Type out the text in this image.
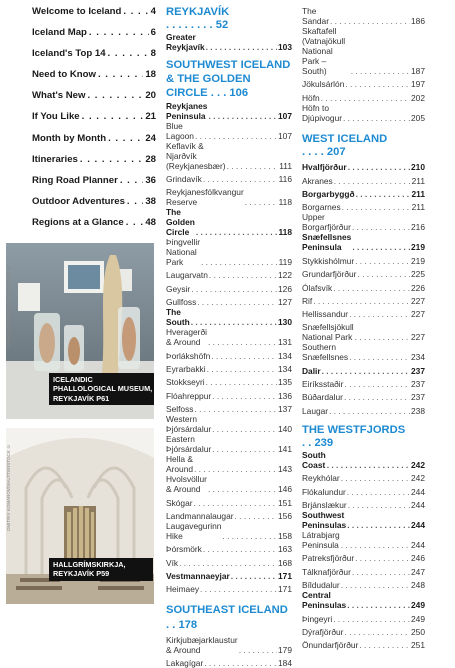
Welcome to Iceland . . .	4
Iceland Map . . .	6
Iceland's Top 14 . . .	8
Need to Know . . .	18
What's New . . .	20
If You Like . . .	21
Month by Month . . .	24
Itineraries . . .	28
Ring Road Planner . . .	36
Outdoor Adventures . . . 38
Regions at a Glance . . . 48
DAVIDE ANTONINI/SHUTTERSTOCK ©
ICELANDIC PHALLOLOGICAL MUSEUM, REYKJAVÍK P61
DMITRIY KOMAROV/SHUTTERSTOCK ©
HALLGRÍMSKIRKJA, REYKJAVÍK P59
REYKJAVÍK . . . . . . . . 52
Greater Reykjavík . . .	103
SOUTHWEST ICELAND & THE GOLDEN CIRCLE . . . 106
Reykjanes Peninsula . . .	107
Blue Lagoon . . .	107
Keflavík & Njarðvík (Reykjanesbær) . . .	111
Grindavík . . .	116
Reykjanesfólkvangur Reserve . . .	118
The Golden Circle . . .	118
Þingvellir National Park . . .	119
Laugarvatn . . .	122
Geysir . . .	126
Gullfoss . . .	127
The South . . .	130
Hveragerði & Around . . .	131
Þorlákshöfn . . .	134
Eyrarbakki . . .	134
Stokkseyri . . .	135
Flóahreppur . . .	136
Selfoss . . .	137
Western Þjórsárdalur . . .	140
Eastern Þjórsárdalur . . .	141
Hella & Around . . .	143
Hvolsvöllur & Around . . .	146
Skógar . . .	151
Landmannalaugar . . .	156
Laugavegurinn Hike . . .	158
Þórsmörk . . .	163
Vík . . .	168
Vestmannaeyjar . . .	171
Heimaey . . .	171
SOUTHEAST ICELAND . . 178
Kirkjubæjarklaustur & Around . . .	179
Lakagígar . . .	184
The Sandar . . .	186
Skaftafell (Vatnajökull National Park – South) . . .	187
Jökulsárlón . . .	197
Höfn . . .	202
Höfn to Djúpivogur . . .	205
WEST ICELAND . . . . 207
Hvalfjörður . . .	210
Akranes . . .	211
Borgarbyggð . . .	211
Borgarnes . . .	211
Upper Borgarfjörður . . .	216
Snæfellsnes Peninsula . . .	219
Stykkishólmur . . .	219
Grundarfjörður . . .	225
Ólafsvík . . .	226
Rif . . .	227
Hellissandur . . .	227
Snæfellsjökull National Park . . .	227
Southern Snæfellsnes . . .	234
Dalir . . .	237
Eiríksstaðir . . .	237
Búðardalur . . .	237
Laugar . . .	238
THE WESTFJORDS . . 239
South Coast . . .	242
Reykhólar . . .	242
Flókalundur . . .	244
Brjánslækur . . .	244
Southwest Peninsulas . . .	244
Látrabjarg Peninsula . . .	244
Patreksfjörður . . .	246
Tálknafjörður . . .	247
Bíldudalur . . .	248
Central Peninsulas . . .	249
Þingeyri . . .	249
Dýrafjörður . . .	250
Önundarfjörður . . .	251
